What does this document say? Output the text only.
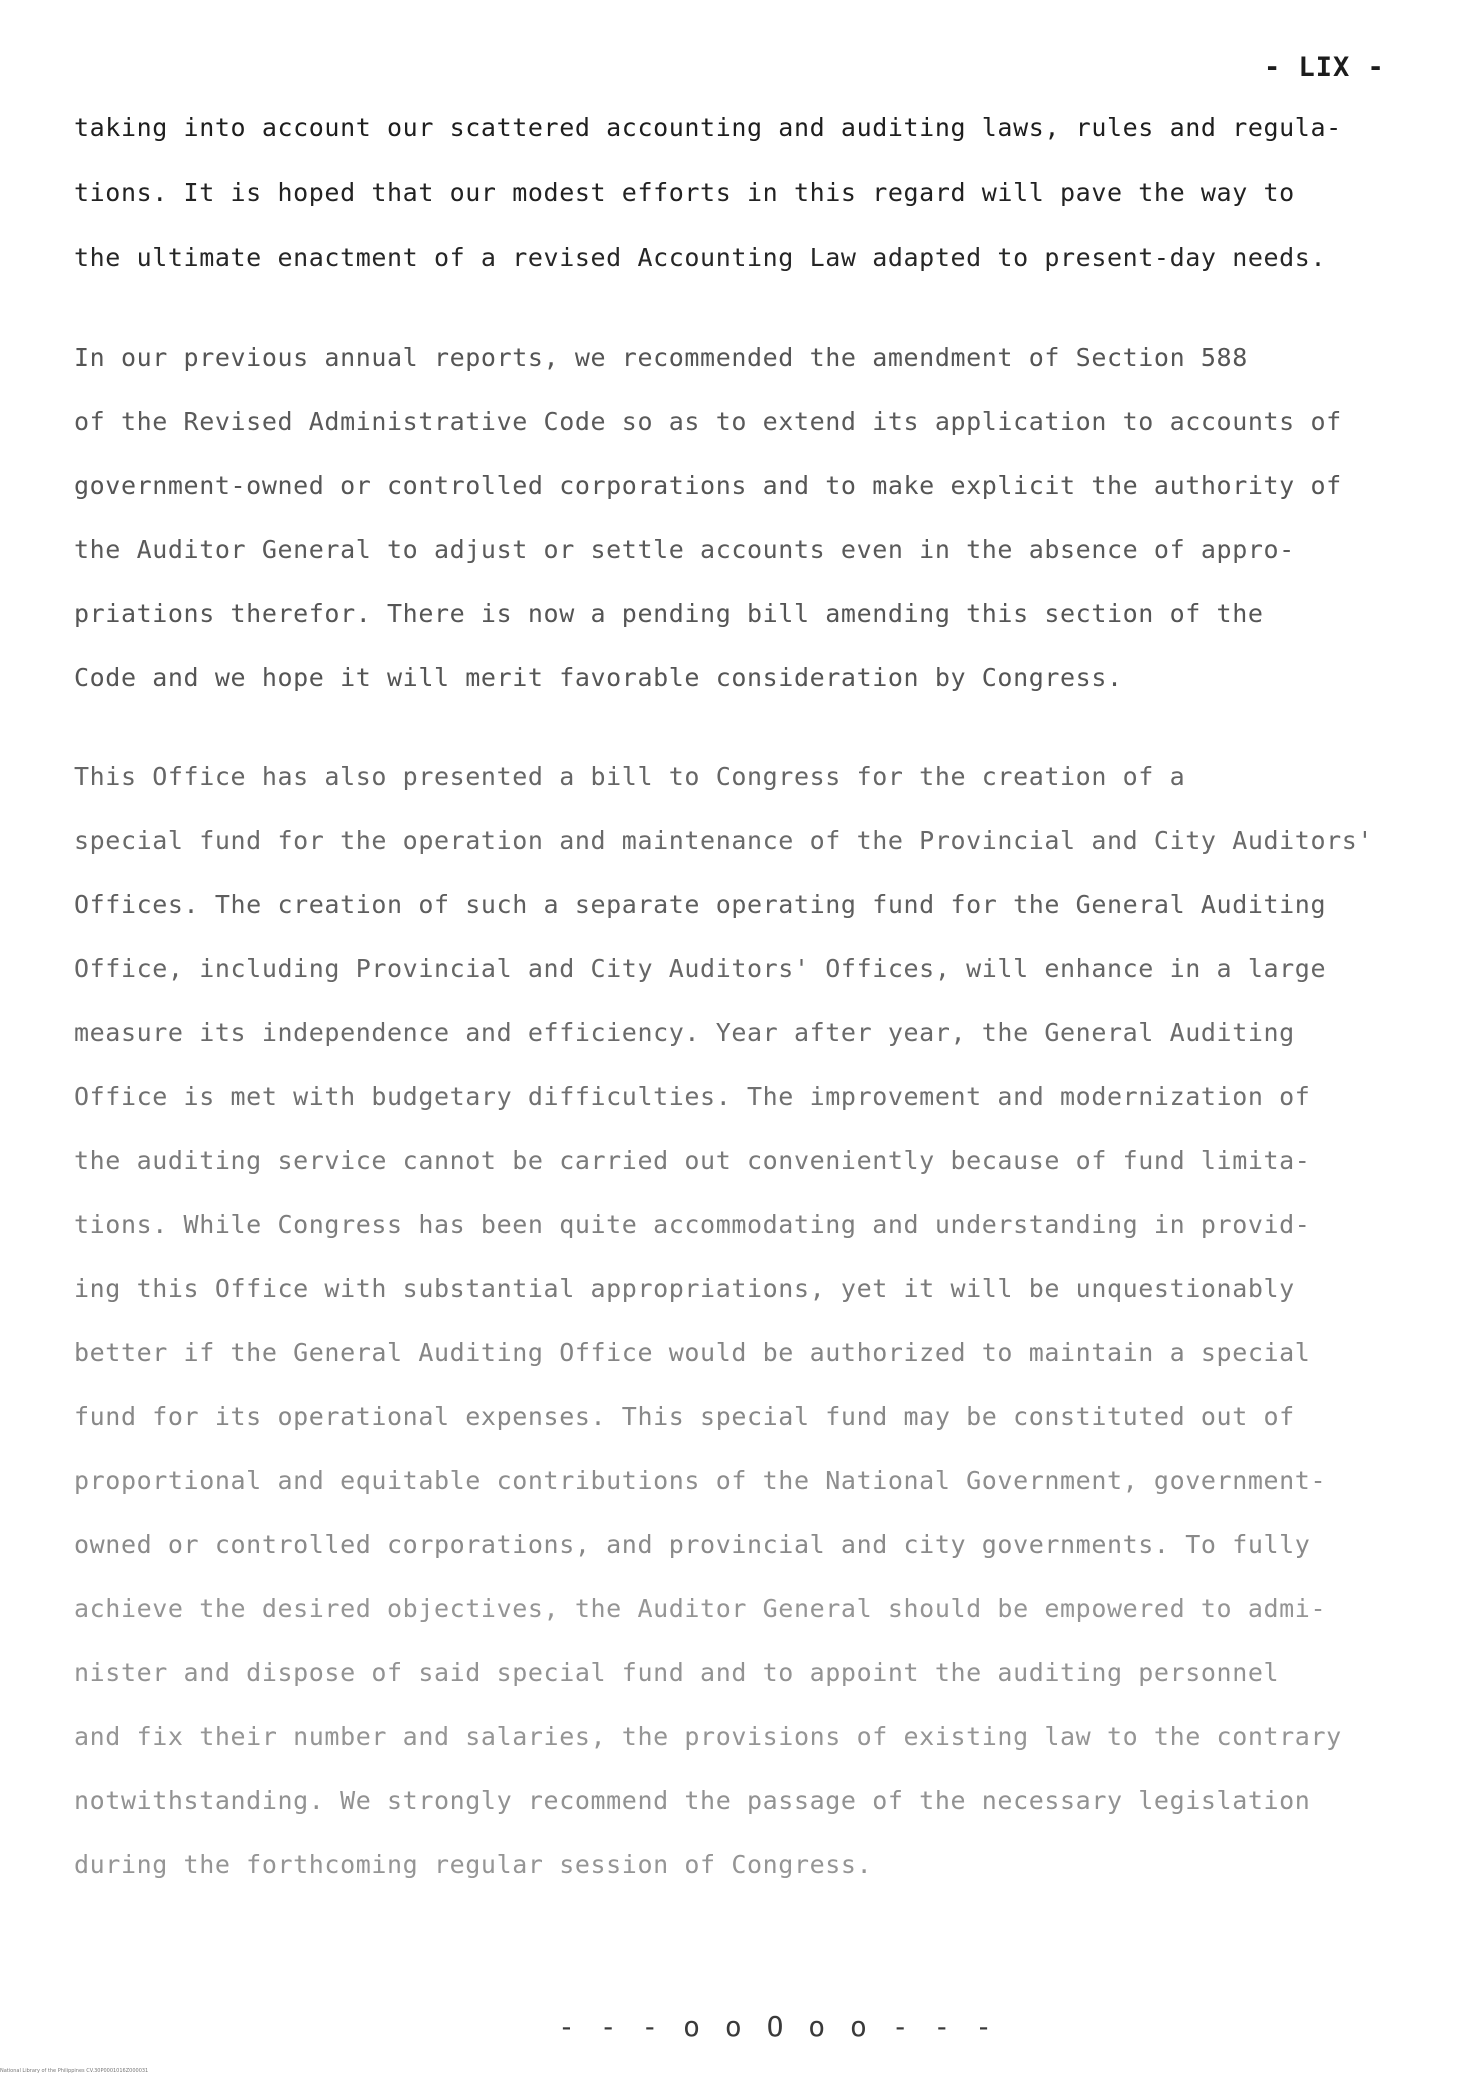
- LIX -
taking into account our scattered accounting and auditing laws, rules and regula-
tions. It is hoped that our modest efforts in this regard will pave the way to
the ultimate enactment of a revised Accounting Law adapted to present-day needs.
In our previous annual reports, we recommended the amendment of Section 588
of the Revised Administrative Code so as to extend its application to accounts of
government-owned or controlled corporations and to make explicit the authority of
the Auditor General to adjust or settle accounts even in the absence of appro-
priations therefor. There is now a pending bill amending this section of the
Code and we hope it will merit favorable consideration by Congress.
This Office has also presented a bill to Congress for the creation of a
special fund for the operation and maintenance of the Provincial and City Auditors'
Offices. The creation of such a separate operating fund for the General Auditing
Office, including Provincial and City Auditors' Offices, will enhance in a large
measure its independence and efficiency. Year after year, the General Auditing
Office is met with budgetary difficulties. The improvement and modernization of
the auditing service cannot be carried out conveniently because of fund limita-
tions. While Congress has been quite accommodating and understanding in provid-
ing this Office with substantial appropriations, yet it will be unquestionably
better if the General Auditing Office would be authorized to maintain a special
fund for its operational expenses. This special fund may be constituted out of
proportional and equitable contributions of the National Government, government-
owned or controlled corporations, and provincial and city governments. To fully
achieve the desired objectives, the Auditor General should be empowered to admi-
nister and dispose of said special fund and to appoint the auditing personnel
and fix their number and salaries, the provisions of existing law to the contrary
notwithstanding. We strongly recommend the passage of the necessary legislation
during the forthcoming regular session of Congress.
- - - o o O o o - - -
National Library of the Philippines CV.30P0001016Z000031
